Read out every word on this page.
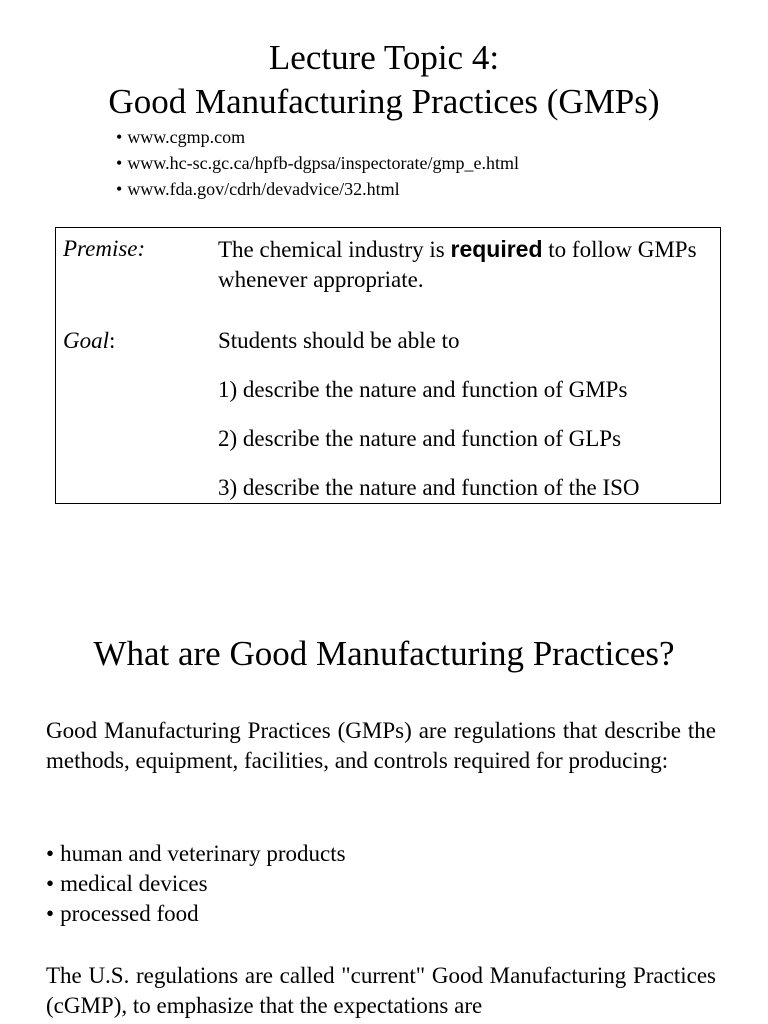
Lecture Topic 4:
Good Manufacturing Practices (GMPs)
• www.cgmp.com
• www.hc-sc.gc.ca/hpfb-dgpsa/inspectorate/gmp_e.html
• www.fda.gov/cdrh/devadvice/32.html
Premise:	The chemical industry is required to follow GMPs whenever appropriate.
Goal:	Students should be able to
1) describe the nature and function of GMPs
2) describe the nature and function of GLPs
3) describe the nature and function of the ISO
What are Good Manufacturing Practices?

Good Manufacturing Practices (GMPs) are regulations that describe the methods, equipment, facilities, and controls required for producing:

• human and veterinary products
• medical devices
• processed food

The U.S. regulations are called "current" Good Manufacturing Practices (cGMP), to emphasize that the expectations are
